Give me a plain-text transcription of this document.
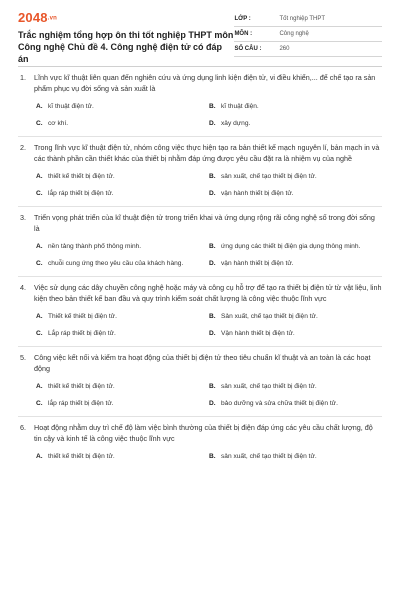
2048.vn
Trắc nghiệm tổng hợp ôn thi tốt nghiệp THPT môn Công nghệ Chủ đề 4. Công nghệ điện tử có đáp án
LỚP :	Tốt nghiệp THPT
MÔN :	Công nghệ
SỐ CÂU :	260
1.	Lĩnh vực kĩ thuật liên quan đến nghiên cứu và ứng dụng linh kiện điện tử, vi điều khiển,... để chế tạo ra sản phẩm phục vụ đời sống và sản xuất là
A. kĩ thuật điện tử.	B. kĩ thuật điện.
C. cơ khí.	D. xây dựng.
2.	Trong lĩnh vực kĩ thuật điện tử, nhóm công việc thực hiện tạo ra bản thiết kế mạch nguyên lí, bản mạch in và các thành phần cần thiết khác của thiết bị nhằm đáp ứng được yêu cầu đặt ra là nhiệm vụ của nghề
A. thiết kế thiết bị điện tử.	B. sản xuất, chế tạo thiết bị điện tử.
C. lắp ráp thiết bị điện tử.	D. vận hành thiết bị điện tử.
3.	Triển vọng phát triển của kĩ thuật điện tử trong triển khai và ứng dụng rộng rãi công nghệ số trong đời sống là
A. nền tảng thành phố thông minh.	B. ứng dụng các thiết bị điện gia dụng thông minh.
C. chuỗi cung ứng theo yêu cầu của khách hàng.	D. vận hành thiết bị điện tử.
4.	Việc sử dụng các dây chuyền công nghệ hoặc máy và công cụ hỗ trợ để tạo ra thiết bị điện tử từ vật liệu, linh kiện theo bản thiết kế ban đầu và quy trình kiểm soát chất lượng là công việc thuộc lĩnh vực
A. Thiết kế thiết bị điện tử.	B. Sản xuất, chế tạo thiết bị điện tử.
C. Lắp ráp thiết bị điện tử.	D. Vận hành thiết bị điện tử.
5.	Công việc kết nối và kiểm tra hoạt động của thiết bị điện tử theo tiêu chuẩn kĩ thuật và an toàn là các hoạt động
A. thiết kế thiết bị điện tử.	B. sản xuất, chế tạo thiết bị điện tử.
C. lắp ráp thiết bị điện tử.	D. bảo dưỡng và sửa chữa thiết bị điện tử.
6.	Hoạt động nhằm duy trì chế độ làm việc bình thường của thiết bị điện đáp ứng các yêu cầu chất lượng, độ tin cậy và kinh tế là công việc thuộc lĩnh vực
A. thiết kế thiết bị điện tử.	B. sản xuất, chế tạo thiết bị điện tử.
